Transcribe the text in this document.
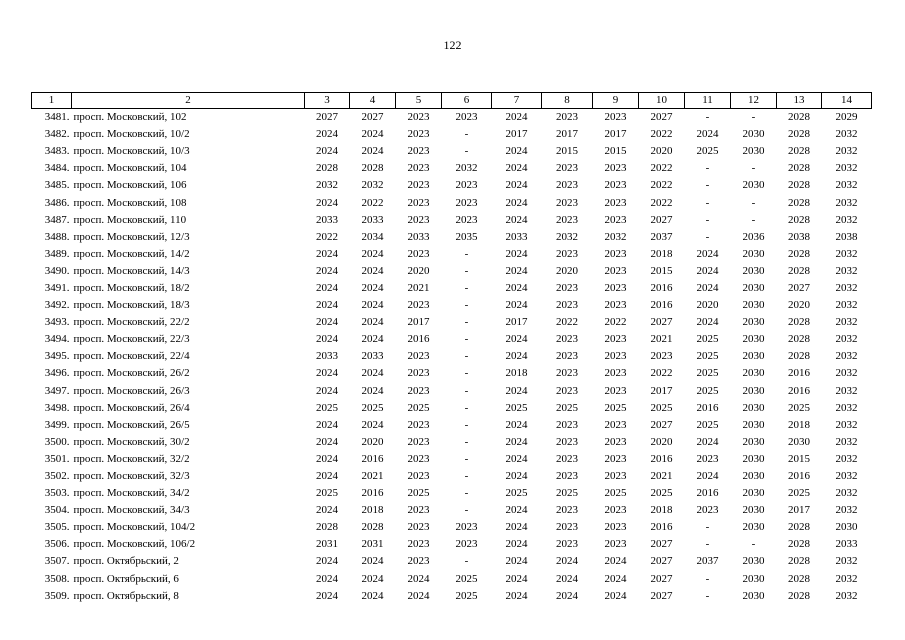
122
1	2	3	4	5	6	7	8	9	10	11	12	13	14
3481.	просп. Московский, 102	2027	2027	2023	2023	2024	2023	2023	2027	-	-	2028	2029
3482.	просп. Московский, 10/2	2024	2024	2023	-	2017	2017	2017	2022	2024	2030	2028	2032
3483.	просп. Московский, 10/3	2024	2024	2023	-	2024	2015	2015	2020	2025	2030	2028	2032
3484.	просп. Московский, 104	2028	2028	2023	2032	2024	2023	2023	2022	-	-	2028	2032
3485.	просп. Московский, 106	2032	2032	2023	2023	2024	2023	2023	2022	-	2030	2028	2032
3486.	просп. Московский, 108	2024	2022	2023	2023	2024	2023	2023	2022	-	-	2028	2032
3487.	просп. Московский, 110	2033	2033	2023	2023	2024	2023	2023	2027	-	-	2028	2032
3488.	просп. Московский, 12/3	2022	2034	2033	2035	2033	2032	2032	2037	-	2036	2038	2038
3489.	просп. Московский, 14/2	2024	2024	2023	-	2024	2023	2023	2018	2024	2030	2028	2032
3490.	просп. Московский, 14/3	2024	2024	2020	-	2024	2020	2023	2015	2024	2030	2028	2032
3491.	просп. Московский, 18/2	2024	2024	2021	-	2024	2023	2023	2016	2024	2030	2027	2032
3492.	просп. Московский, 18/3	2024	2024	2023	-	2024	2023	2023	2016	2020	2030	2020	2032
3493.	просп. Московский, 22/2	2024	2024	2017	-	2017	2022	2022	2027	2024	2030	2028	2032
3494.	просп. Московский, 22/3	2024	2024	2016	-	2024	2023	2023	2021	2025	2030	2028	2032
3495.	просп. Московский, 22/4	2033	2033	2023	-	2024	2023	2023	2023	2025	2030	2028	2032
3496.	просп. Московский, 26/2	2024	2024	2023	-	2018	2023	2023	2022	2025	2030	2016	2032
3497.	просп. Московский, 26/3	2024	2024	2023	-	2024	2023	2023	2017	2025	2030	2016	2032
3498.	просп. Московский, 26/4	2025	2025	2025	-	2025	2025	2025	2025	2016	2030	2025	2032
3499.	просп. Московский, 26/5	2024	2024	2023	-	2024	2023	2023	2027	2025	2030	2018	2032
3500.	просп. Московский, 30/2	2024	2020	2023	-	2024	2023	2023	2020	2024	2030	2030	2032
3501.	просп. Московский, 32/2	2024	2016	2023	-	2024	2023	2023	2016	2023	2030	2015	2032
3502.	просп. Московский, 32/3	2024	2021	2023	-	2024	2023	2023	2021	2024	2030	2016	2032
3503.	просп. Московский, 34/2	2025	2016	2025	-	2025	2025	2025	2025	2016	2030	2025	2032
3504.	просп. Московский, 34/3	2024	2018	2023	-	2024	2023	2023	2018	2023	2030	2017	2032
3505.	просп. Московский, 104/2	2028	2028	2023	2023	2024	2023	2023	2016	-	2030	2028	2030
3506.	просп. Московский, 106/2	2031	2031	2023	2023	2024	2023	2023	2027	-	-	2028	2033
3507.	просп. Октябрьский, 2	2024	2024	2023	-	2024	2024	2024	2027	2037	2030	2028	2032
3508.	просп. Октябрьский, 6	2024	2024	2024	2025	2024	2024	2024	2027	-	2030	2028	2032
3509.	просп. Октябрьский, 8	2024	2024	2024	2025	2024	2024	2024	2027	-	2030	2028	2032
